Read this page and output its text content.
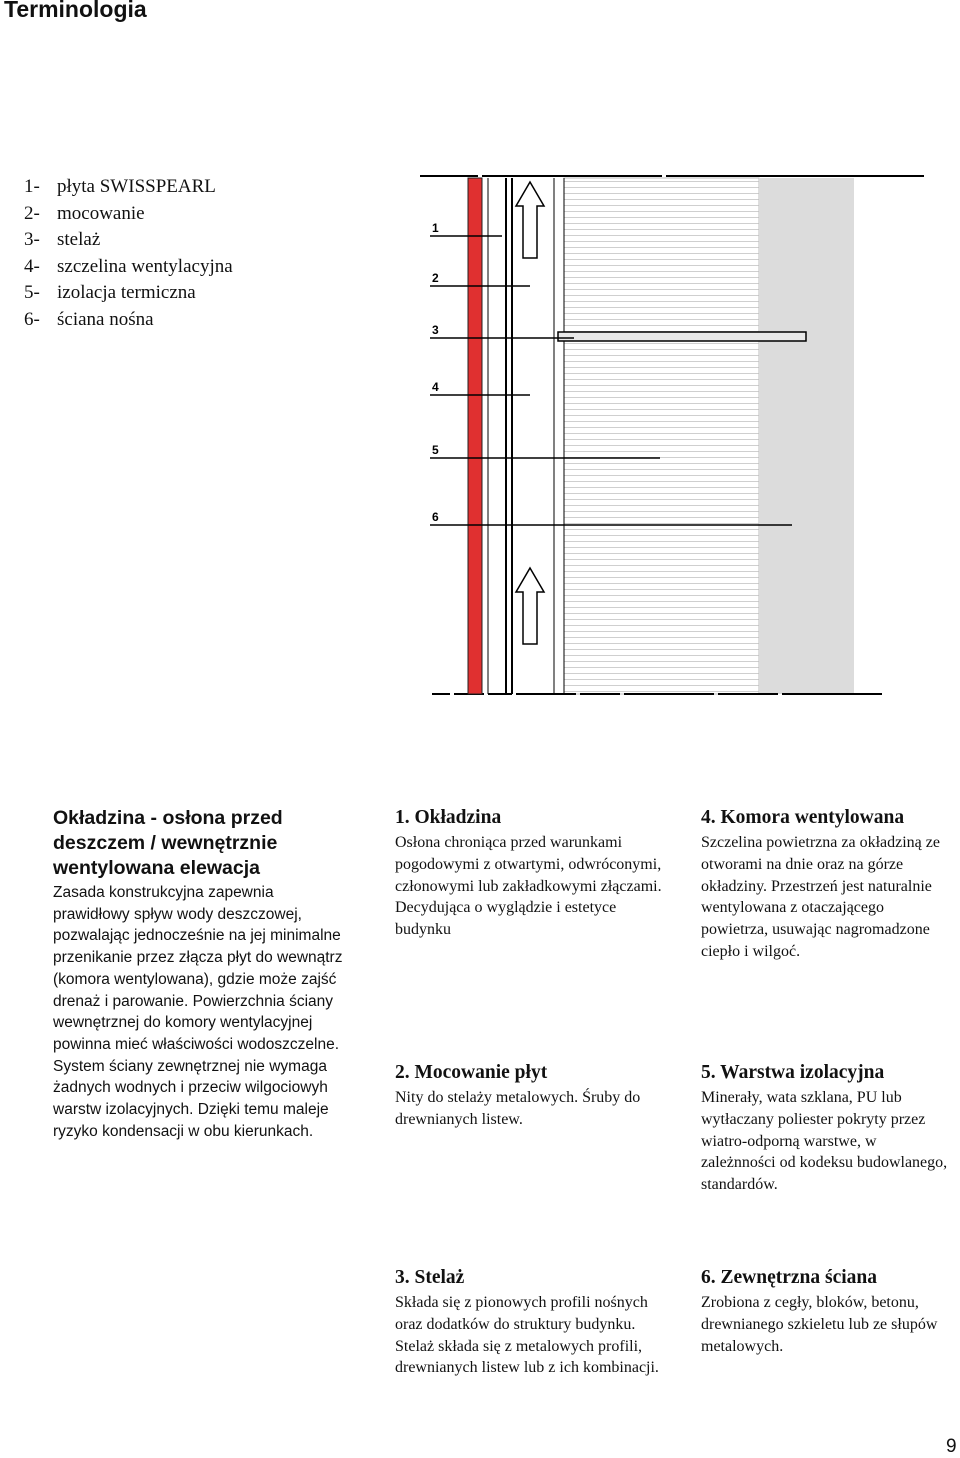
Terminologia
1- płyta SWISSPEARL
2- mocowanie
3- stelaż
4- szczelina wentylacyjna
5- izolacja termiczna
6- ściana nośna
1
2
3
4
5
6
Okładzina - osłona przed deszczem / wewnętrznie wentylowana elewacja

Zasada konstrukcyjna zapewnia prawidłowy spływ wody deszczowej, pozwalając jednocześnie na jej minimalne przenikanie przez złącza płyt do wewnątrz (komora wentylowana), gdzie może zajść drenaż i parowanie. Powierzchnia ściany wewnętrznej do komory wentylacyjnej powinna mieć właściwości wodoszczelne. System ściany zewnętrznej nie wymaga żadnych wodnych i przeciw wilgociowyh warstw izolacyjnych. Dzięki temu maleje ryzyko kondensacji w obu kierunkach.

1. Okładzina

Osłona chroniąca przed warunkami pogodowymi z otwartymi, odwróconymi, członowymi lub zakładkowymi złączami. Decydująca o wyglądzie i estetyce budynku

2. Mocowanie płyt

Nity do stelaży metalowych. Śruby do drewnianych listew.

3. Stelaż

Składa się z pionowych profili nośnych oraz dodatków do struktury budynku. Stelaż składa się z metalowych profili, drewnianych listew lub z ich kombinacji.

4. Komora wentylowana

Szczelina powietrzna za okładziną ze otworami na dnie oraz na górze okładziny. Przestrzeń jest naturalnie wentylowana z otaczającego powietrza, usuwając nagromadzone ciepło i wilgoć.

5. Warstwa izolacyjna

Minerały, wata szklana, PU lub wytłaczany poliester pokryty przez wiatro-odporną warstwe, w zależnności od kodeksu budowlanego, standardów.

6. Zewnętrzna ściana

Zrobiona z cegły, bloków, betonu, drewnianego szkieletu lub ze słupów metalowych.

9
